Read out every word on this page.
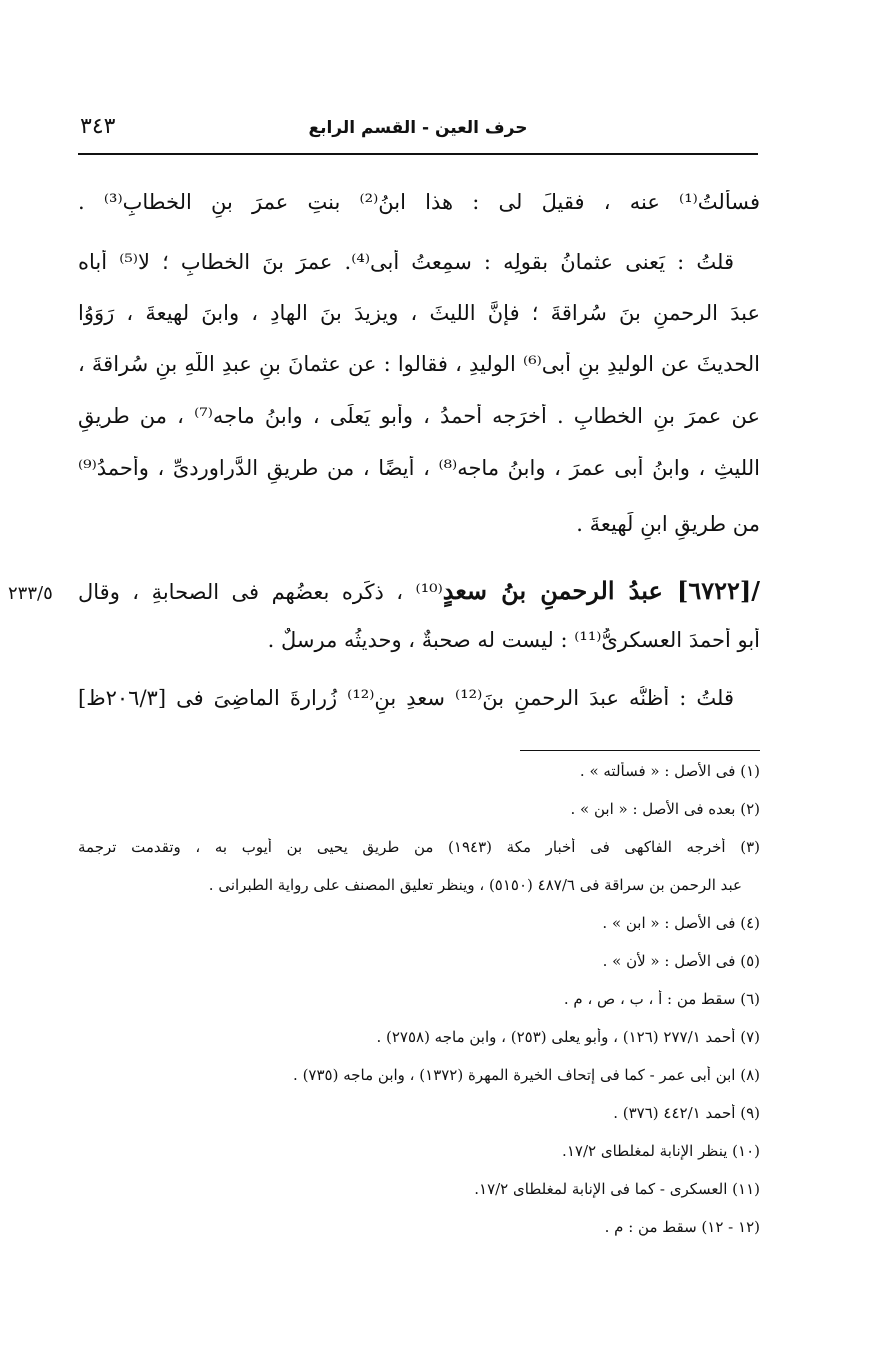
حرف العين - القسم الرابع
٣٤٣
فسألتُ⁽¹⁾ عنه ، فقيلَ لى : هذا ابنُ⁽²⁾ بنتِ عمرَ بنِ الخطابِ⁽³⁾ .
قلتُ : يَعنى عثمانُ بقولِه : سمِعتُ أبى⁽⁴⁾. عمرَ بنَ الخطابِ ؛ لا⁽⁵⁾ أباه
عبدَ الرحمنِ بنَ سُراقةَ ؛ فإنَّ الليثَ ، ويزيدَ بنَ الهادِ ، وابنَ لهيعةَ ، رَوَوُا
الحديثَ عن الوليدِ بنِ أبى⁽⁶⁾ الوليدِ ، فقالوا : عن عثمانَ بنِ عبدِ اللَّهِ بنِ سُراقةَ ،
عن عمرَ بنِ الخطابِ . أخرَجه أحمدُ ، وأبو يَعلَى ، وابنُ ماجه⁽⁷⁾ ، من طريقِ
الليثِ ، وابنُ أبى عمرَ ، وابنُ ماجه⁽⁸⁾ ، أيضًا ، من طريقِ الدَّراوردىِّ ، وأحمدُ⁽⁹⁾
من طريقِ ابنِ لَهيعةَ .
/[٦٧٢٢] عبدُ الرحمنِ بنُ سعدٍ⁽¹⁰⁾ ، ذكَره بعضُهم فى الصحابةِ ، وقال
أبو أحمدَ العسكرىُّ⁽¹¹⁾ : ليست له صحبةٌ ، وحديثُه مرسلٌ .
قلتُ : أظنُّه عبدَ الرحمنِ بنَ⁽¹²⁾ سعدِ بنِ⁽¹²⁾ زُرارةَ الماضِىَ فى [٢٠٦/٣ظ]
٢٣٣/٥
(١) فى الأصل : « فسألته » .
(٢) بعده فى الأصل : « ابن » .
(٣) أخرجه الفاكهى فى أخبار مكة (١٩٤٣) من طريق يحيى بن أيوب به ، وتقدمت ترجمة
عبد الرحمن بن سراقة فى ٤٨٧/٦ (٥١٥٠) ، وينظر تعليق المصنف على رواية الطبرانى .
(٤) فى الأصل : « ابن » .
(٥) فى الأصل : « لأن » .
(٦) سقط من : أ ، ب ، ص ، م .
(٧) أحمد ٢٧٧/١ (١٢٦) ، وأبو يعلى (٢٥٣) ، وابن ماجه (٢٧٥٨) .
(٨) ابن أبى عمر - كما فى إتحاف الخيرة المهرة (١٣٧٢) ، وابن ماجه (٧٣٥) .
(٩) أحمد ٤٤٢/١ (٣٧٦) .
(١٠) ينظر الإنابة لمغلطاى ١٧/٢.
(١١) العسكرى - كما فى الإنابة لمغلطاى ١٧/٢.
(١٢ - ١٢) سقط من : م .
